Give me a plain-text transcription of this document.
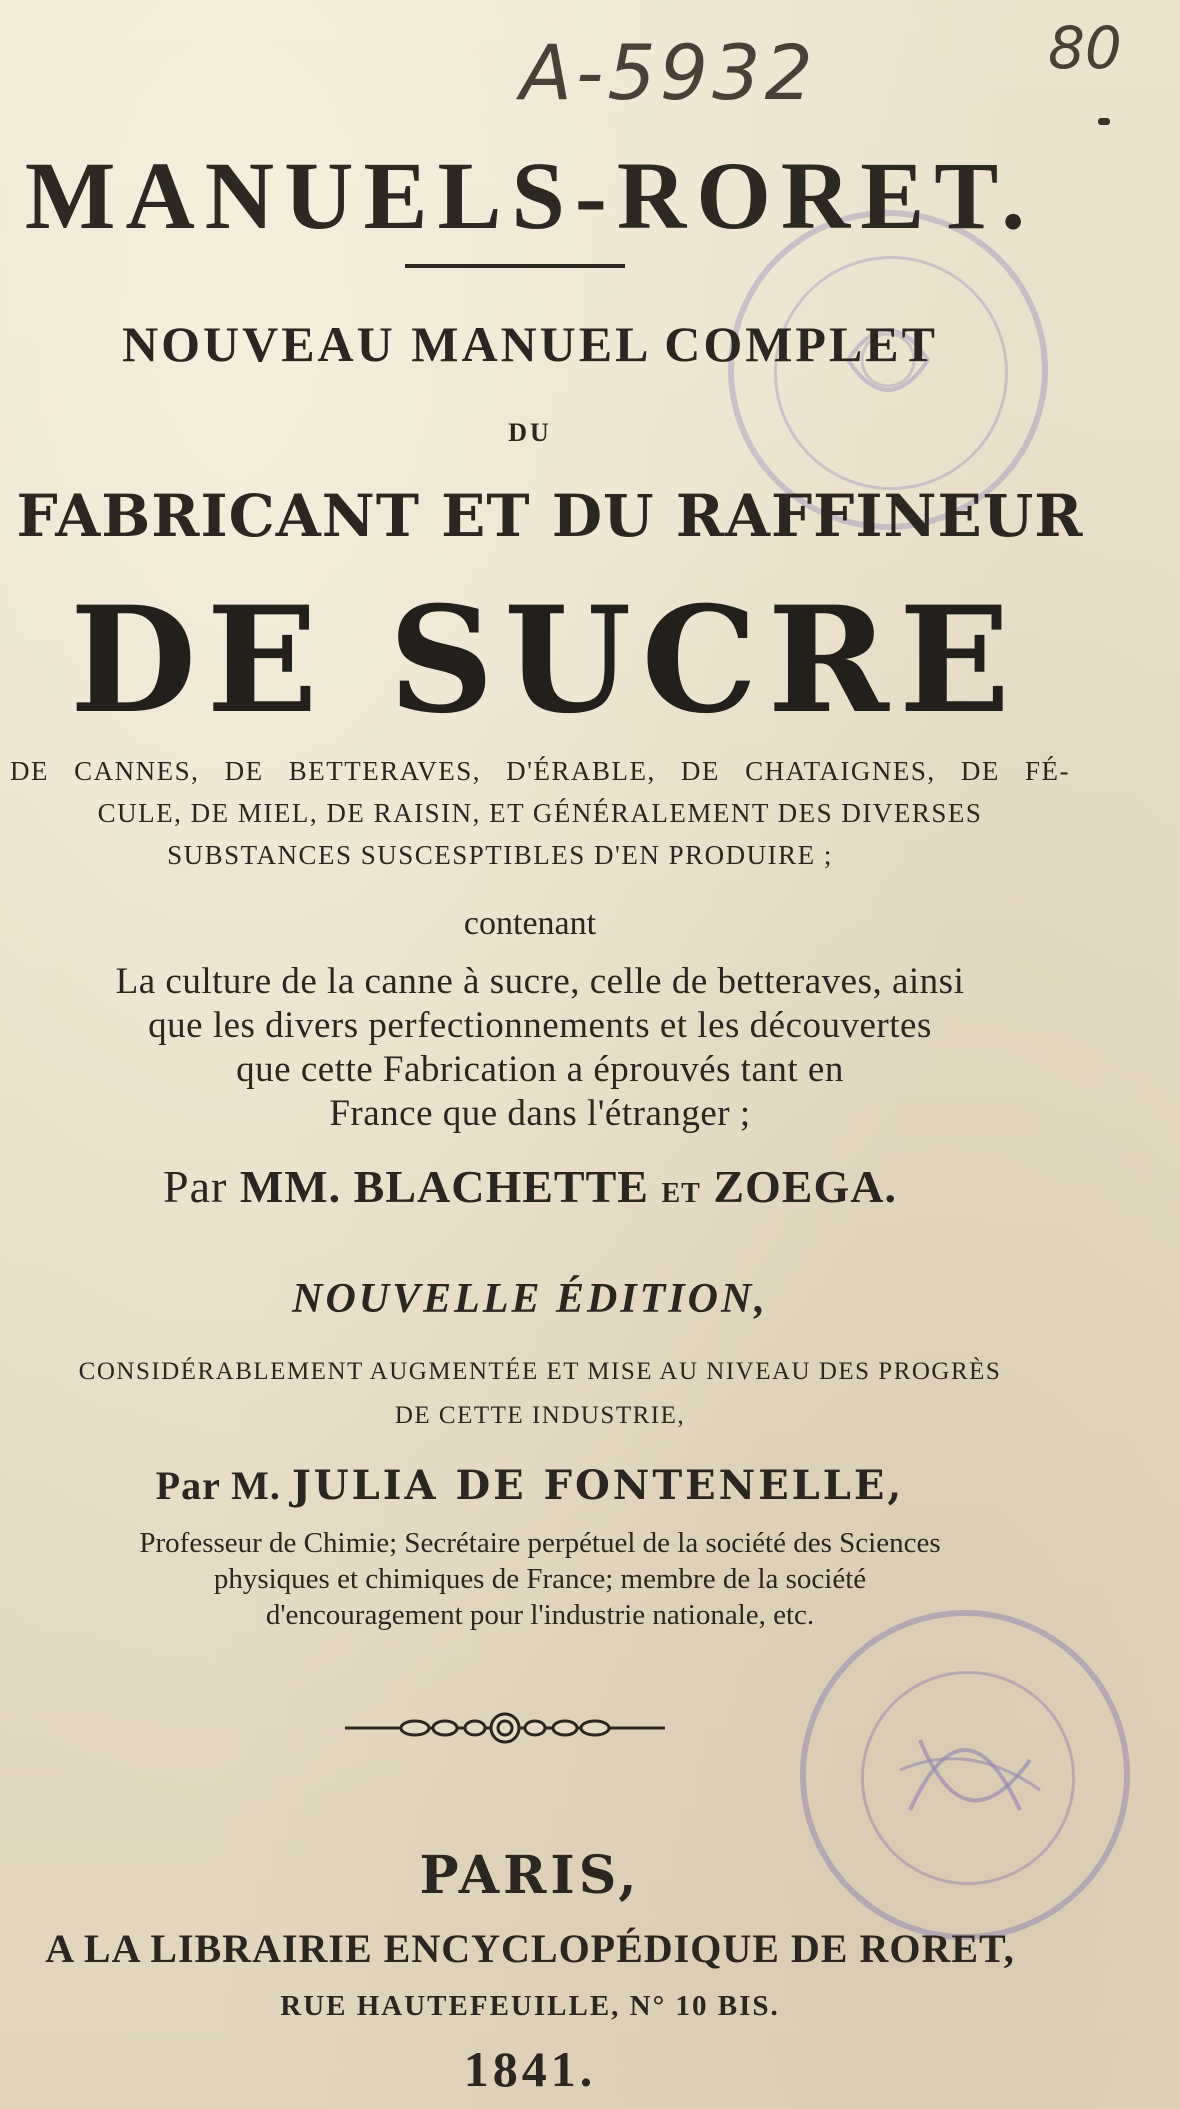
A-5932	80
MANUELS-RORET.
NOUVEAU MANUEL COMPLET
DU
FABRICANT ET DU RAFFINEUR
DE SUCRE
DE CANNES, DE BETTERAVES, D'ÉRABLE, DE CHATAIGNES, DE FÉ-
CULE, DE MIEL, DE RAISIN, ET GÉNÉRALEMENT DES DIVERSES
SUBSTANCES SUSCESPTIBLES D'EN PRODUIRE ;
contenant
La culture de la canne à sucre, celle de betteraves, ainsi
que les divers perfectionnements et les découvertes
que cette Fabrication a éprouvés tant en
France que dans l'étranger ;
Par MM. BLACHETTE ET ZOEGA.
NOUVELLE ÉDITION,
CONSIDÉRABLEMENT AUGMENTÉE ET MISE AU NIVEAU DES PROGRÈS
DE CETTE INDUSTRIE,
Par M. JULIA DE FONTENELLE,
Professeur de Chimie; Secrétaire perpétuel de la société des Sciences
physiques et chimiques de France; membre de la société
d'encouragement pour l'industrie nationale, etc.
PARIS,
A LA LIBRAIRIE ENCYCLOPÉDIQUE DE RORET,
RUE HAUTEFEUILLE, N° 10 BIS.
1841.
